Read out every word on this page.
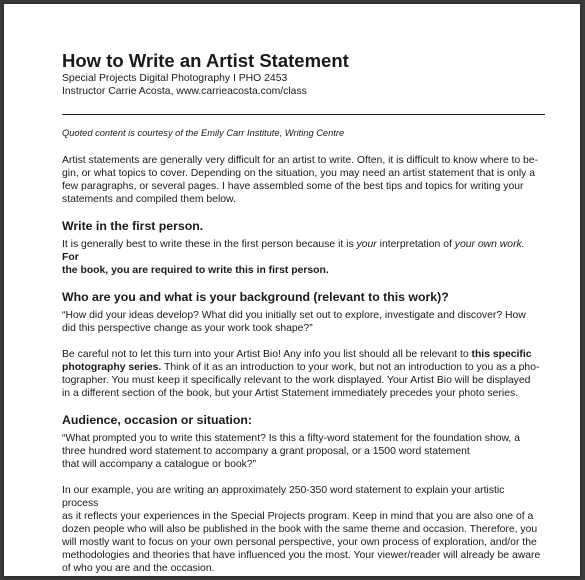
How to Write an Artist Statement
Special Projects Digital Photography I PHO 2453
Instructor Carrie Acosta, www.carrieacosta.com/class
Quoted content is courtesy of the Emily Carr Institute, Writing Centre

Artist statements are generally very difficult for an artist to write. Often, it is difficult to know where to be-

gin, or what topics to cover. Depending on the situation, you may need an artist statement that is only a

few paragraphs, or several pages. I have assembled some of the best tips and topics for writing your

statements and compiled them below.

Write in the first person.

It is generally best to write these in the first person because it is your interpretation of your own work. For

the book, you are required to write this in first person.

Who are you and what is your background (relevant to this work)?

“How did your ideas develop? What did you initially set out to explore, investigate and discover? How

did this perspective change as your work took shape?”

Be careful not to let this turn into your Artist Bio! Any info you list should all be relevant to this specific

photography series. Think of it as an introduction to your work, but not an introduction to you as a pho-

tographer. You must keep it specifically relevant to the work displayed. Your Artist Bio will be displayed

in a different section of the book, but your Artist Statement immediately precedes your photo series.

Audience, occasion or situation:

“What prompted you to write this statement? Is this a fifty-word statement for the foundation show, a

three hundred word statement to accompany a grant proposal, or a 1500 word statement

that will accompany a catalogue or book?”

In our example, you are writing an approximately 250-350 word statement to explain your artistic process

as it reflects your experiences in the Special Projects program. Keep in mind that you are also one of a

dozen people who will also be published in the book with the same theme and occasion. Therefore, you

will mostly want to focus on your own personal perspective, your own process of exploration, and/or the

methodologies and theories that have influenced you the most. Your viewer/reader will already be aware

of who you are and the occasion.
